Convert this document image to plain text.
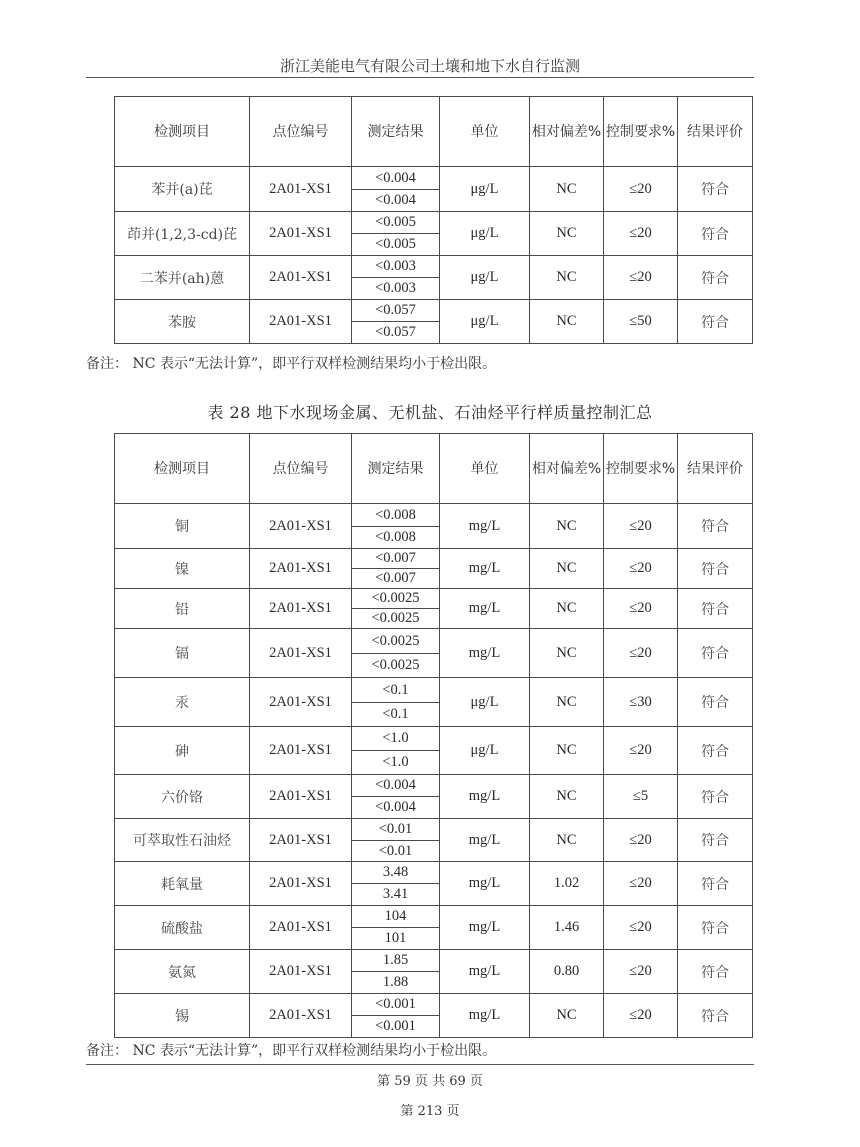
浙江美能电气有限公司土壤和地下水自行监测
检测项目	点位编号	测定结果	单位	相对偏差%	控制要求%	结果评价
苯并(a)芘	2A01-XS1	<0.004	μg/L	NC	≤20	符合
		<0.004				
茚并(1,2,3-cd)芘	2A01-XS1	<0.005	μg/L	NC	≤20	符合
		<0.005				
二苯并(ah)蒽	2A01-XS1	<0.003	μg/L	NC	≤20	符合
		<0.003				
苯胺	2A01-XS1	<0.057	μg/L	NC	≤50	符合
		<0.057				
备注： NC 表示“无法计算”，即平行双样检测结果均小于检出限。
表 28 地下水现场金属、无机盐、石油烃平行样质量控制汇总
检测项目	点位编号	测定结果	单位	相对偏差%	控制要求%	结果评价
铜	2A01-XS1	<0.008	mg/L	NC	≤20	符合
		<0.008				
镍	2A01-XS1	<0.007	mg/L	NC	≤20	符合
		<0.007				
铅	2A01-XS1	<0.0025	mg/L	NC	≤20	符合
		<0.0025				
镉	2A01-XS1	<0.0025	mg/L	NC	≤20	符合
		<0.0025				
汞	2A01-XS1	<0.1	μg/L	NC	≤30	符合
		<0.1				
砷	2A01-XS1	<1.0	μg/L	NC	≤20	符合
		<1.0				
六价铬	2A01-XS1	<0.004	mg/L	NC	≤5	符合
		<0.004				
可萃取性石油烃	2A01-XS1	<0.01	mg/L	NC	≤20	符合
		<0.01				
耗氧量	2A01-XS1	3.48	mg/L	1.02	≤20	符合
		3.41				
硫酸盐	2A01-XS1	104	mg/L	1.46	≤20	符合
		101				
氨氮	2A01-XS1	1.85	mg/L	0.80	≤20	符合
		1.88				
锡	2A01-XS1	<0.001	mg/L	NC	≤20	符合
		<0.001				
备注： NC 表示“无法计算”，即平行双样检测结果均小于检出限。
第 59 页 共 69 页
第 213 页
